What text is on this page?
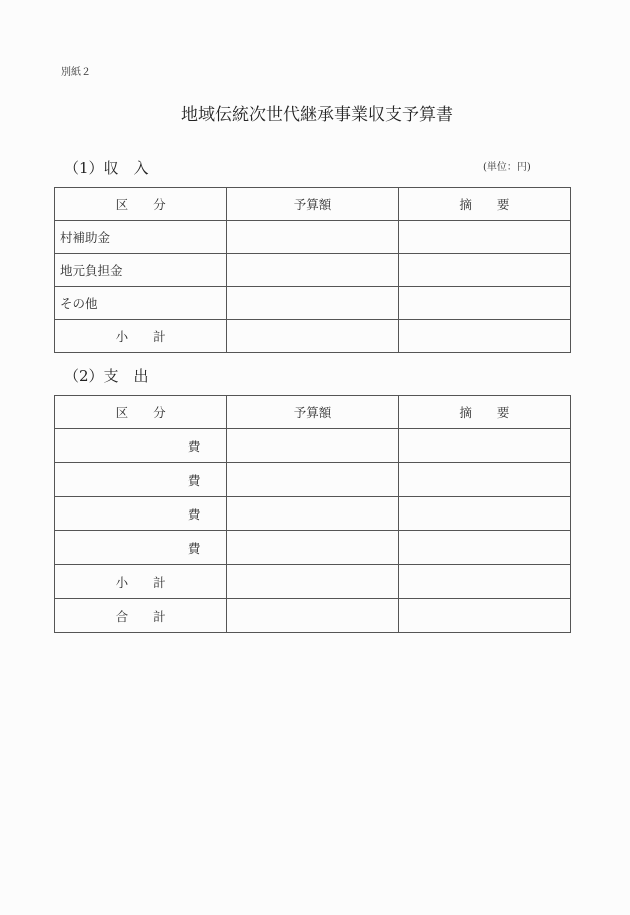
別紙２
地域伝統次世代継承事業収支予算書
（1）収　入	(単位：円)
区　　分	予算額	摘　　要
村補助金		
地元負担金		
その他		
小　　計		
（2）支　出
区　　分	予算額	摘　　要
費		
費		
費		
費		
小　　計		
合　　計		
